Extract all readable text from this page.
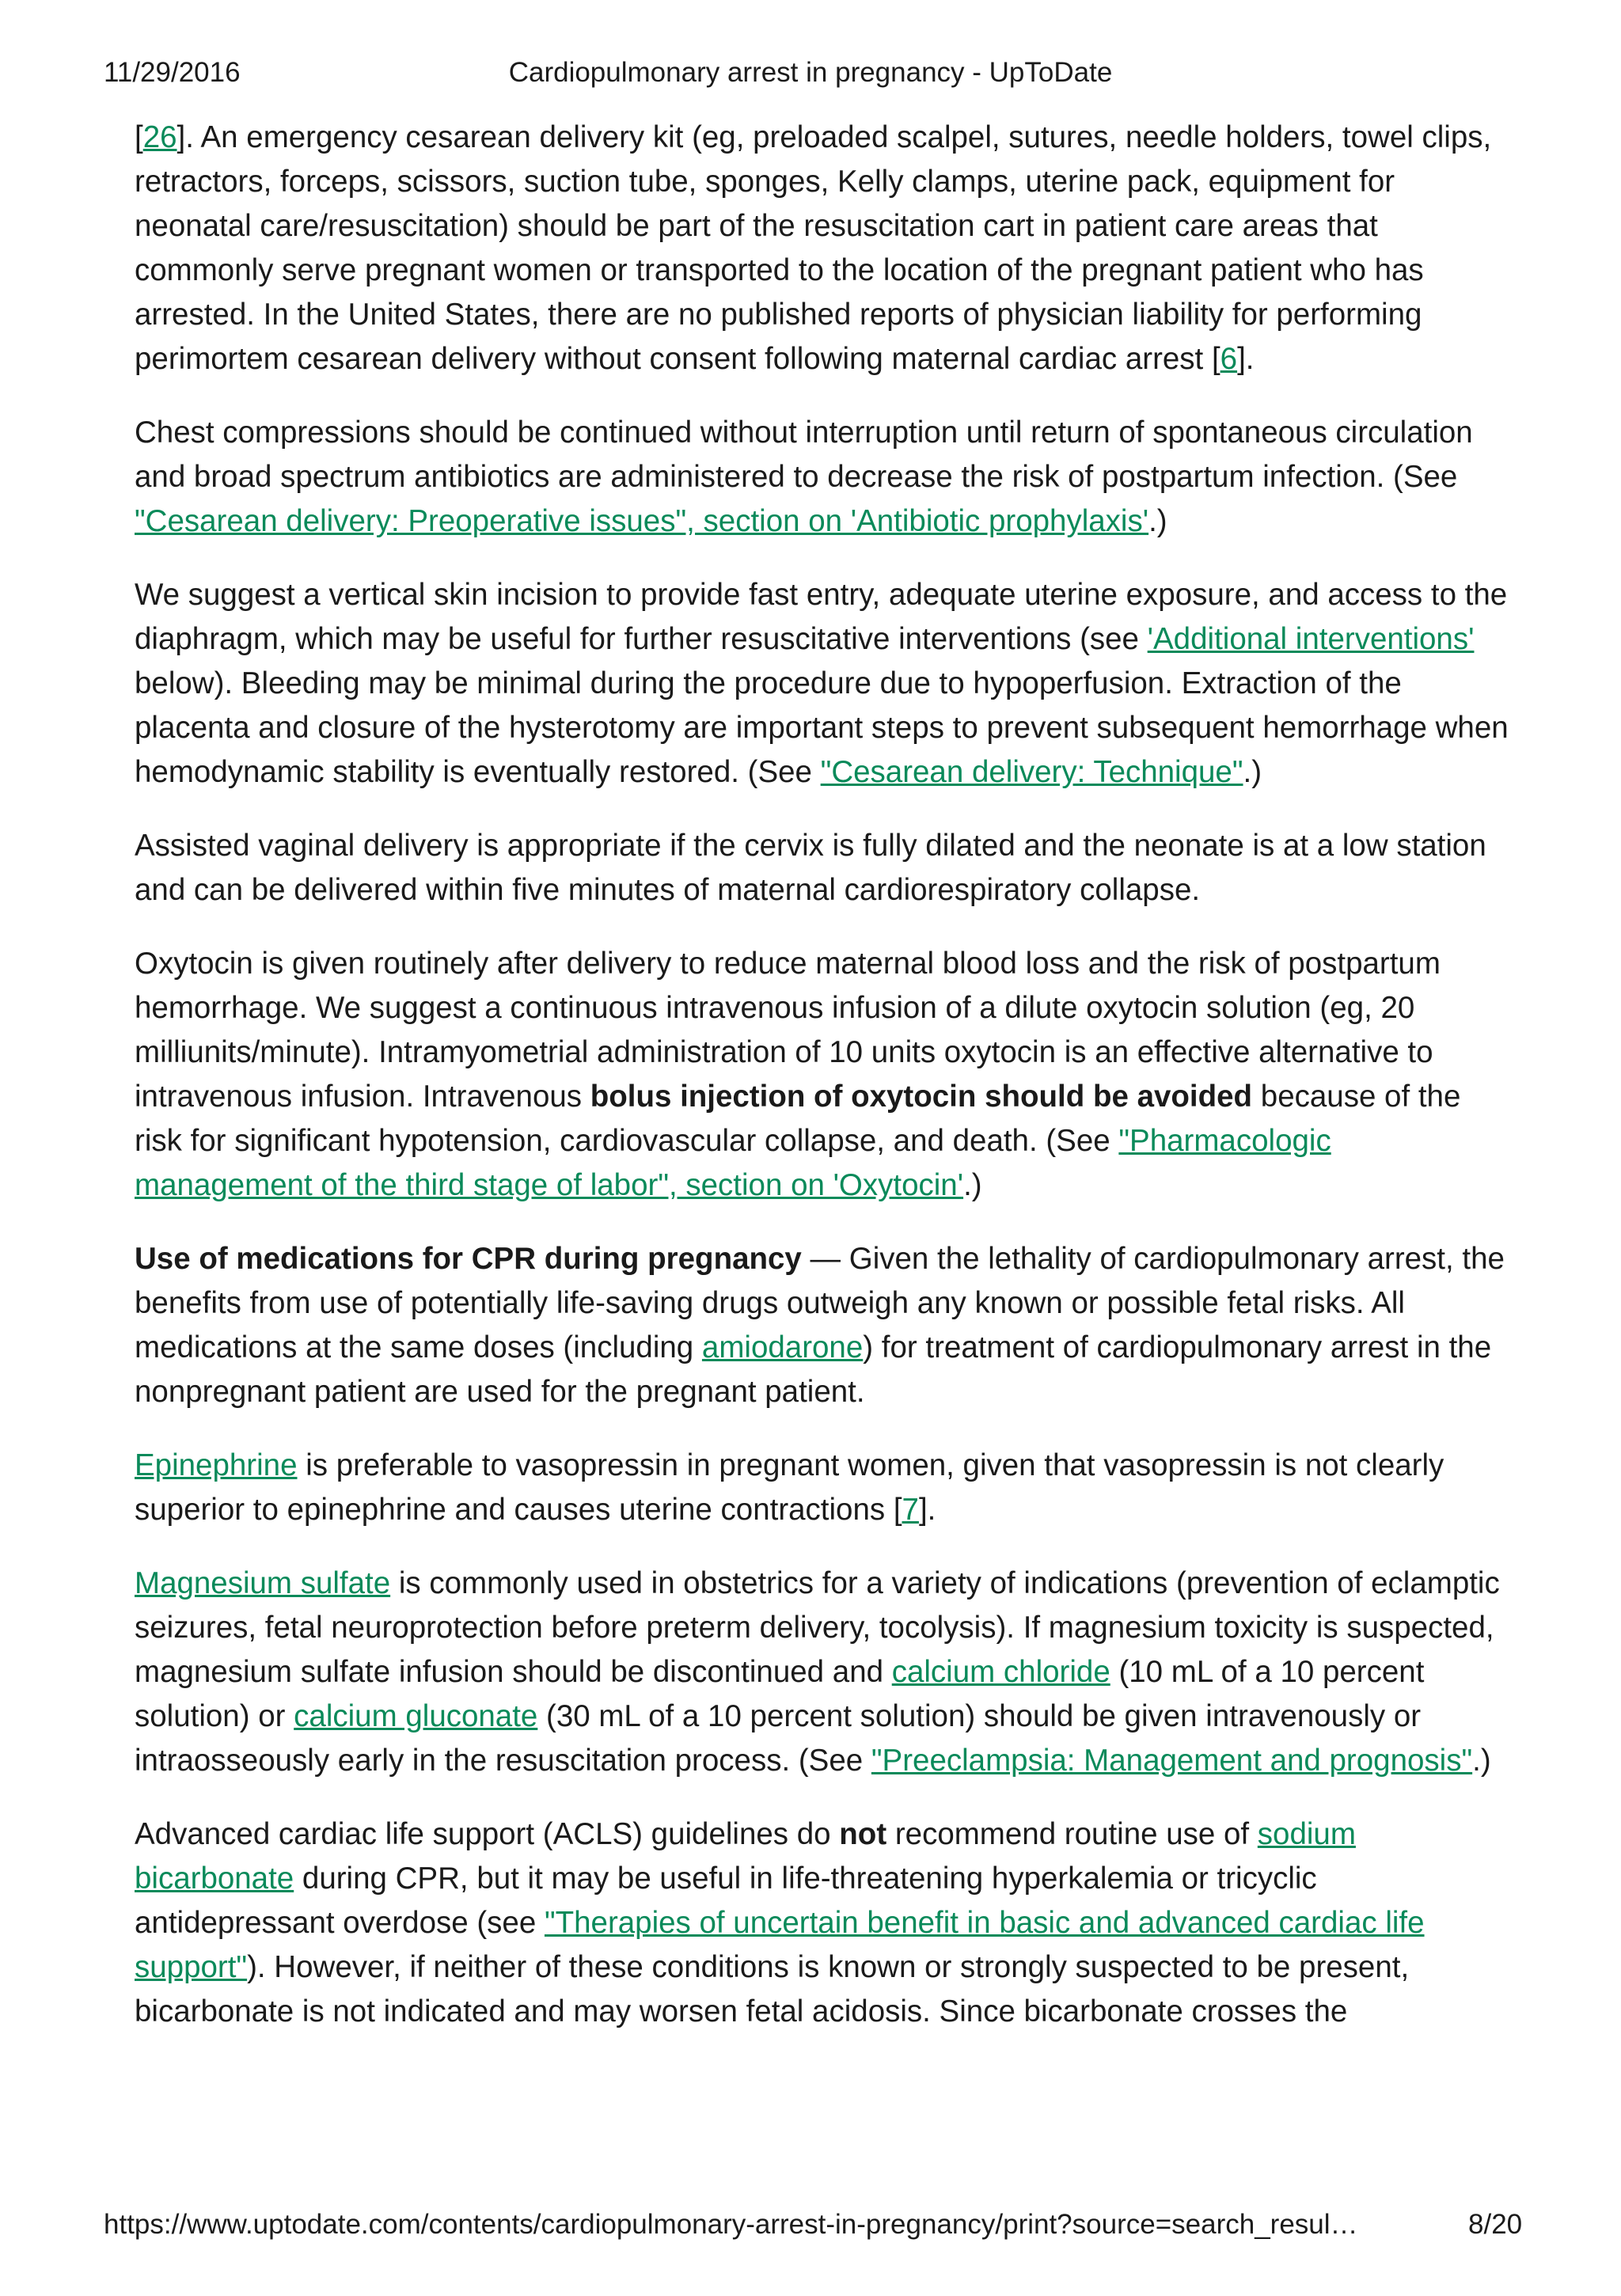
11/29/2016	Cardiopulmonary arrest in pregnancy - UpToDate

[26]. An emergency cesarean delivery kit (eg, preloaded scalpel, sutures, needle holders, towel clips, retractors, forceps, scissors, suction tube, sponges, Kelly clamps, uterine pack, equipment for neonatal care/resuscitation) should be part of the resuscitation cart in patient care areas that commonly serve pregnant women or transported to the location of the pregnant patient who has arrested. In the United States, there are no published reports of physician liability for performing perimortem cesarean delivery without consent following maternal cardiac arrest [6].

Chest compressions should be continued without interruption until return of spontaneous circulation and broad spectrum antibiotics are administered to decrease the risk of postpartum infection. (See "Cesarean delivery: Preoperative issues", section on 'Antibiotic prophylaxis'.)

We suggest a vertical skin incision to provide fast entry, adequate uterine exposure, and access to the diaphragm, which may be useful for further resuscitative interventions (see 'Additional interventions' below). Bleeding may be minimal during the procedure due to hypoperfusion. Extraction of the placenta and closure of the hysterotomy are important steps to prevent subsequent hemorrhage when hemodynamic stability is eventually restored. (See "Cesarean delivery: Technique".)

Assisted vaginal delivery is appropriate if the cervix is fully dilated and the neonate is at a low station and can be delivered within five minutes of maternal cardiorespiratory collapse.

Oxytocin is given routinely after delivery to reduce maternal blood loss and the risk of postpartum hemorrhage. We suggest a continuous intravenous infusion of a dilute oxytocin solution (eg, 20 milliunits/minute). Intramyometrial administration of 10 units oxytocin is an effective alternative to intravenous infusion. Intravenous bolus injection of oxytocin should be avoided because of the risk for significant hypotension, cardiovascular collapse, and death. (See "Pharmacologic management of the third stage of labor", section on 'Oxytocin'.)

Use of medications for CPR during pregnancy — Given the lethality of cardiopulmonary arrest, the benefits from use of potentially life-saving drugs outweigh any known or possible fetal risks. All medications at the same doses (including amiodarone) for treatment of cardiopulmonary arrest in the nonpregnant patient are used for the pregnant patient.

Epinephrine is preferable to vasopressin in pregnant women, given that vasopressin is not clearly superior to epinephrine and causes uterine contractions [7].

Magnesium sulfate is commonly used in obstetrics for a variety of indications (prevention of eclamptic seizures, fetal neuroprotection before preterm delivery, tocolysis). If magnesium toxicity is suspected, magnesium sulfate infusion should be discontinued and calcium chloride (10 mL of a 10 percent solution) or calcium gluconate (30 mL of a 10 percent solution) should be given intravenously or intraosseously early in the resuscitation process. (See "Preeclampsia: Management and prognosis".)

Advanced cardiac life support (ACLS) guidelines do not recommend routine use of sodium bicarbonate during CPR, but it may be useful in life-threatening hyperkalemia or tricyclic antidepressant overdose (see "Therapies of uncertain benefit in basic and advanced cardiac life support"). However, if neither of these conditions is known or strongly suspected to be present, bicarbonate is not indicated and may worsen fetal acidosis. Since bicarbonate crosses the

https://www.uptodate.com/contents/cardiopulmonary-arrest-in-pregnancy/print?source=search_resul…	8/20
